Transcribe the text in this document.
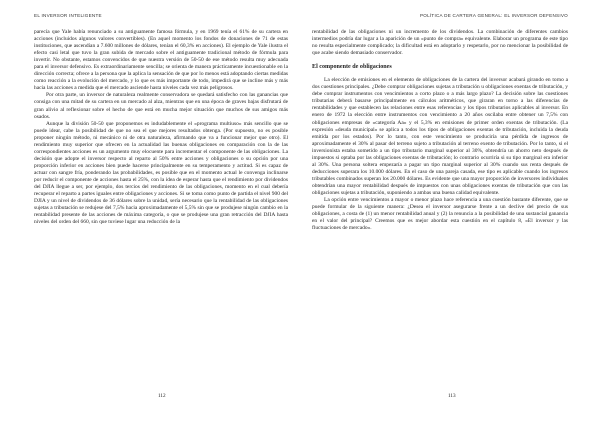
EL INVERSOR INTELIGENTE

parecía que Yale había renunciado a su antiguamente famosa fórmula, y en 1969 tenía el 61% de su cartera en acciones (incluidos algunos valores convertibles). (En aquel momento los fondos de donaciones de 71 de estas instituciones, que ascendían a 7.600 millones de dólares, tenían el 60,3% en acciones). El ejemplo de Yale ilustra el efecto casi letal que tuvo la gran subida de mercado sobre el antiguamente tradicional método de fórmula para invertir. No obstante, estamos convencidos de que nuestra versión de 50-50 de ese método resulta muy adecuada para el inversor defensivo. Es extraordinariamente sencilla; se orienta de manera prácticamente incuestionable en la dirección correcta; ofrece a la persona que la aplica la sensación de que por lo menos está adoptando ciertas medidas como reacción a la evolución del mercado, y lo que es más importante de todo, impedirá que se incline más y más hacia las acciones a medida que el mercado asciende hasta niveles cada vez más peligrosos.

Por otra parte, un inversor de naturaleza realmente conservadora se quedará satisfecho con las ganancias que consiga con una mitad de su cartera en un mercado al alza, mientras que en una época de graves bajas disfrutará de gran alivio al reflexionar sobre el hecho de que está en mucha mejor situación que muchos de sus amigos más osados.

Aunque la división 50-50 que proponemos es indudablemente el «programa multiuso» más sencillo que se puede idear, cabe la posibilidad de que no sea el que mejores resultados obtenga. (Por supuesto, no es posible proponer ningún método, ni mecánico ni de otra naturaleza, afirmando que va a funcionar mejor que otro). El rendimiento muy superior que ofrecen en la actualidad las buenas obligaciones en comparación con la de las correspondientes acciones es un argumento muy elocuente para incrementar el componente de las obligaciones. La decisión que adopte el inversor respecto al reparto al 50% entre acciones y obligaciones o su opción por una proporción inferior en acciones bien puede hacerse principalmente en su temperamento y actitud. Si es capaz de actuar con sangre fría, ponderando las probabilidades, es posible que en el momento actual le convenga inclinarse por reducir el componente de acciones hasta el 25%, con la idea de esperar hasta que el rendimiento por dividendos del DJIA llegue a ser, por ejemplo, dos tercios del rendimiento de las obligaciones, momento en el cual debería recuperar el reparto a partes iguales entre obligaciones y acciones. Si se toma como punto de partida el nivel 900 del DJIA y un nivel de dividendos de 36 dólares sobre la unidad, sería necesario que la rentabilidad de las obligaciones sujetas a tributación se redujese del 7,5% hacia aproximadamente el 5,5% sin que se produjese ningún cambio en la rentabilidad presente de las acciones de máxima categoría, o que se produjese una gran retracción del DJIA hasta niveles del orden del 660, sin que tuviese lugar una reducción de la

112
POLÍTICA DE CARTERA GENERAL: EL INVERSOR DEFENSIVO

rentabilidad de las obligaciones ni un incremento de los dividendos. La combinación de diferentes cambios intermedios podría dar lugar a la aparición de un «punto de compra» equivalente. Elaborar un programa de este tipo no resulta especialmente complicado; la dificultad está en adoptarlo y respetarlo, por no mencionar la posibilidad de que acabe siendo demasiado conservador.

El componente de obligaciones

La elección de emisiones en el elemento de obligaciones de la cartera del inversor acabará girando en torno a dos cuestiones principales. ¿Debe comprar obligaciones sujetas a tributación u obligaciones exentas de tributación, y debe comprar instrumentos con vencimientos a corto plazo o a más largo plazo? La decisión sobre las cuestiones tributarias deberá basarse principalmente en cálculos aritméticos, que giraran en torno a las diferencias de rentabilidades y que establecen las relaciones entre esas referencias y los tipos tributarios aplicables al inversor. En enero de 1972 la elección entre instrumentos con vencimiento a 20 años oscilaba entre obtener un 7,5% con obligaciones empresas de «categoría Aa» y el 5,3% en emisiones de primer orden exentas de tributación. (La expresión «deuda municipal» se aplica a todos los tipos de obligaciones exentas de tributación, incluida la deuda emitida por los estados). Por lo tanto, con este vencimiento se produciría una pérdida de ingresos de aproximadamente el 30% al pasar del terreno sujeto a tributación al terreno exento de tributación. Por lo tanto, si el inversionista estaba sometido a un tipo tributario marginal superior al 30%, obtendría un ahorro neto después de impuestos si optaba por las obligaciones exentas de tributación; lo contrario ocurriría si su tipo marginal era inferior al 30%. Una persona soltera empezaría a pagar un tipo marginal superior al 30% cuando sus renta después de deducciones superara los 10.000 dólares. En el caso de una pareja casada, ese tipo es aplicable cuando los ingresos tributables combinados superan los 20.000 dólares. Es evidente que una mayor proporción de inversores individuales obtendrían una mayor rentabilidad después de impuestos con unas obligaciones exentas de tributación que con las obligaciones sujetas a tributación, suponiendo a ambas una buena calidad equivalente.

La opción entre vencimientos a mayor o menor plazo hace referencia a una cuestión bastante diferente, que se puede formular de la siguiente manera: ¿Desea el inversor asegurarse frente a un declive del precio de sus obligaciones, a costa de (1) un menor rentabilidad anual y (2) la renuncia a la posibilidad de una sustancial ganancia en el valor del principal? Creemos que es mejor abordar esta cuestión en el capítulo 8, «El inversor y las fluctuaciones de mercado».

113
